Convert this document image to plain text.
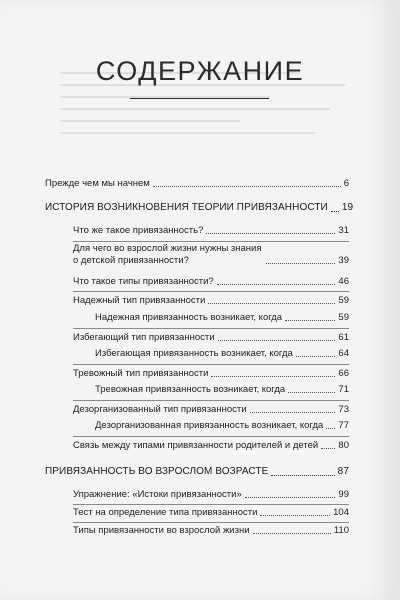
СОДЕРЖАНИЕ
Прежде чем мы начнем	6
ИСТОРИЯ ВОЗНИКНОВЕНИЯ ТЕОРИИ ПРИВЯЗАННОСТИ 19
Что же такое привязанность?	31
Для чего во взрослой жизни нужны знания о детской привязанности?	39
Что такое типы привязанности?	46
Надежный тип привязанности	59
Надежная привязанность возникает, когда	59
Избегающий тип привязанности	61
Избегающая привязанность возникает, когда	64
Тревожный тип привязанности	66
Тревожная привязанность возникает, когда	71
Дезорганизованный тип привязанности	73
Дезорганизованная привязанность возникает, когда 77
Связь между типами привязанности родителей и детей 80
ПРИВЯЗАННОСТЬ ВО ВЗРОСЛОМ ВОЗРАСТЕ	87
Упражнение: «Истоки привязанности»	99
Тест на определение типа привязанности	104
Типы привязанности во взрослой жизни	110
